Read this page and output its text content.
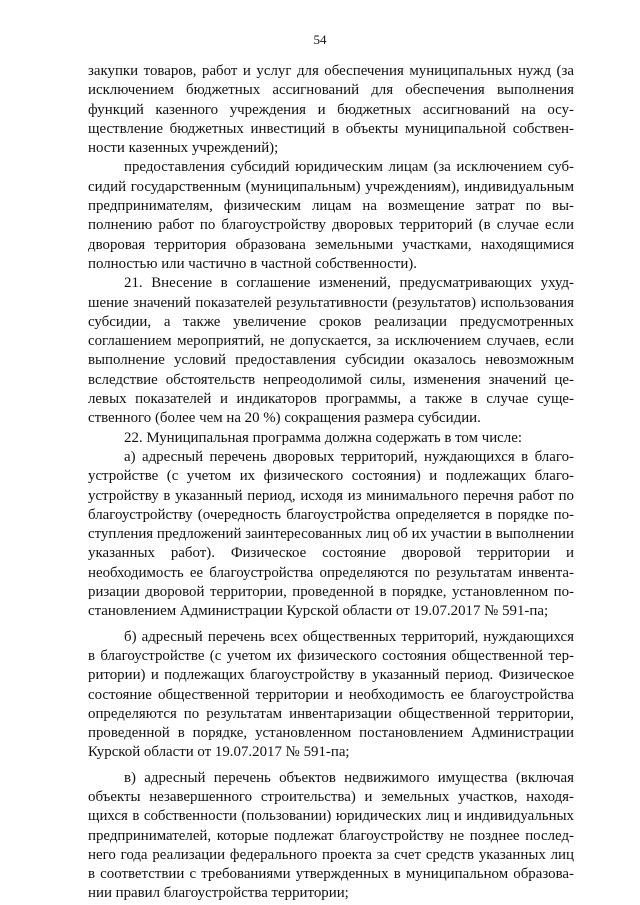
54

закупки товаров, работ и услуг для обеспечения муниципальных нужд (за исключением бюджетных ассигнований для обеспечения выполнения функций казенного учреждения и бюджетных ассигнований на осуществление бюджетных инвестиций в объекты муниципальной собственности казенных учреждений);

предоставления субсидий юридическим лицам (за исключением субсидий государственным (муниципальным) учреждениям), индивидуальным предпринимателям, физическим лицам на возмещение затрат по выполнению работ по благоустройству дворовых территорий (в случае если дворовая территория образована земельными участками, находящимися полностью или частично в частной собственности).

21. Внесение в соглашение изменений, предусматривающих ухудшение значений показателей результативности (результатов) использования субсидии, а также увеличение сроков реализации предусмотренных соглашением мероприятий, не допускается, за исключением случаев, если выполнение условий предоставления субсидии оказалось невозможным вследствие обстоятельств непреодолимой силы, изменения значений целевых показателей и индикаторов программы, а также в случае существенного (более чем на 20 %) сокращения размера субсидии.

22. Муниципальная программа должна содержать в том числе:

а) адресный перечень дворовых территорий, нуждающихся в благоустройстве (с учетом их физического состояния) и подлежащих благоустройству в указанный период, исходя из минимального перечня работ по благоустройству (очередность благоустройства определяется в порядке поступления предложений заинтересованных лиц об их участии в выполнении указанных работ). Физическое состояние дворовой территории и необходимость ее благоустройства определяются по результатам инвентаризации дворовой территории, проведенной в порядке, установленном постановлением Администрации Курской области от 19.07.2017 № 591-па;

б) адресный перечень всех общественных территорий, нуждающихся в благоустройстве (с учетом их физического состояния общественной территории) и подлежащих благоустройству в указанный период. Физическое состояние общественной территории и необходимость ее благоустройства определяются по результатам инвентаризации общественной территории, проведенной в порядке, установленном постановлением Администрации Курской области от 19.07.2017 № 591-па;

в) адресный перечень объектов недвижимого имущества (включая объекты незавершенного строительства) и земельных участков, находящихся в собственности (пользовании) юридических лиц и индивидуальных предпринимателей, которые подлежат благоустройству не позднее последнего года реализации федерального проекта за счет средств указанных лиц в соответствии с требованиями утвержденных в муниципальном образовании правил благоустройства территории;
